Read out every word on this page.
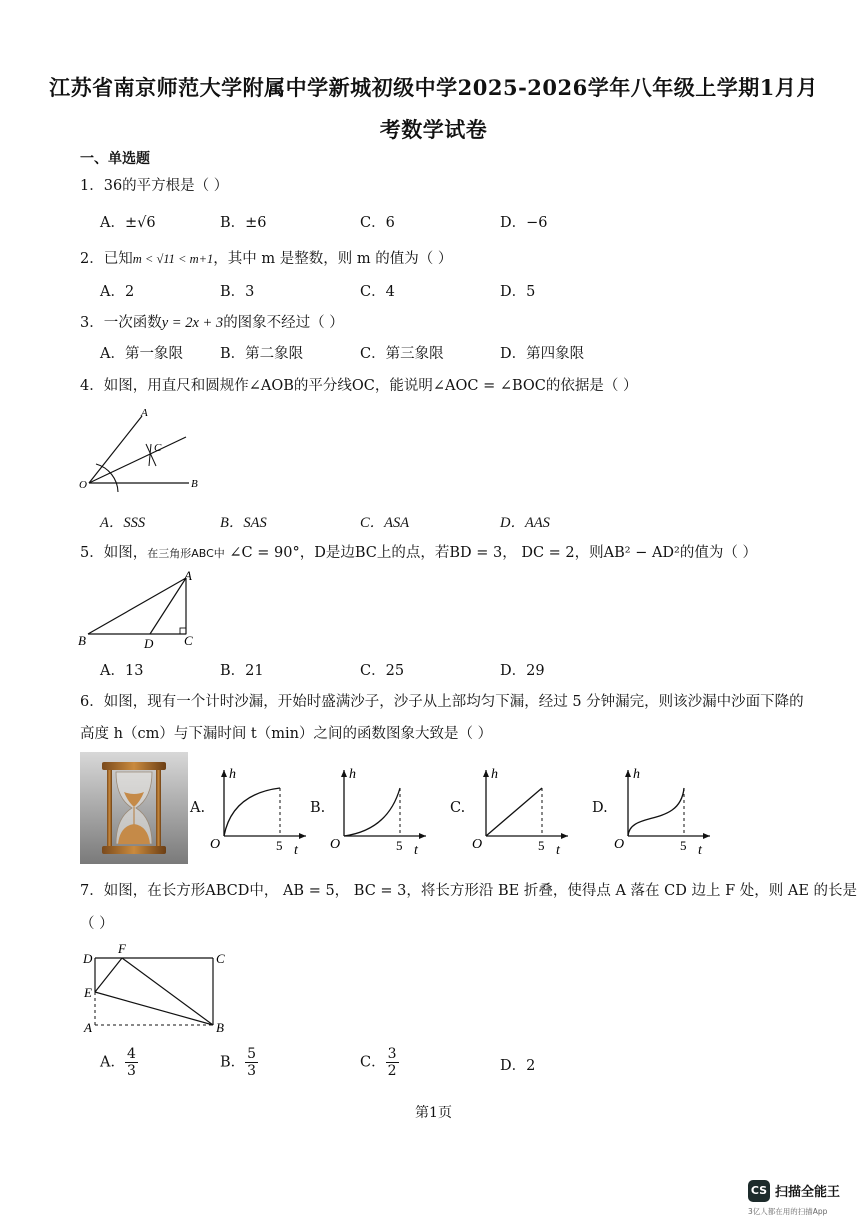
江苏省南京师范大学附属中学新城初级中学2025-2026学年八年级上学期1月月
考数学试卷
一、单选题
1．36的平方根是（ ）
A．±√6	B．±6	C．6	D．−6
2．已知m < √11 < m+1，其中 m 是整数，则 m 的值为（ ）
A．2	B．3	C．4	D．5
3．一次函数y = 2x + 3的图象不经过（ ）
A．第一象限	B．第二象限	C．第三象限	D．第四象限
4．如图，用直尺和圆规作∠AOB的平分线OC，能说明∠AOC = ∠BOC的依据是（ ）
A
C
O	B
A．SSS	B．SAS	C．ASA	D．AAS
5．如图，在三角形ABC中 ∠C = 90°，D是边BC上的点，若BD = 3， DC = 2，则AB² − AD²的值为（ ）
A
B	D C
A．13	B．21	C．25	D．29
6．如图，现有一个计时沙漏，开始时盛满沙子，沙子从上部均匀下漏，经过 5 分钟漏完，则该沙漏中沙面下降的
高度 h（cm）与下漏时间 t（min）之间的函数图象大致是（ ）
A.
h
O	5 t
B.
h
O	5 t
C.
h
O	5 t
D.
h
O	5 t
7．如图，在长方形ABCD中， AB = 5， BC = 3，将长方形沿 BE 折叠，使得点 A 落在 CD 边上 F 处，则 AE 的长是
（ ）
D
F
C
E
A	B
A． $\frac{4}{3}$	B． $\frac{5}{3}$	C． $\frac{3}{2}$	D．2
第1页
CS 扫描全能王
3亿人都在用的扫描App
